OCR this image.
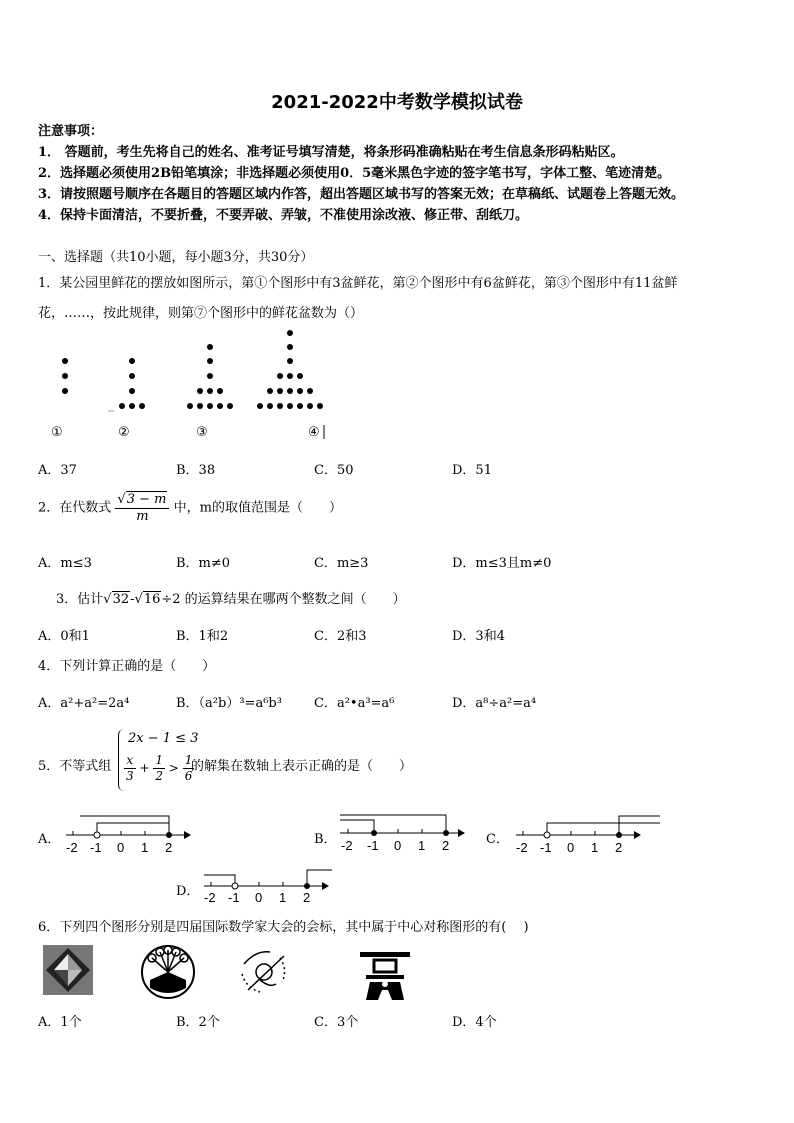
2021-2022中考数学模拟试卷
注意事项：
1． 答题前，考生先将自己的姓名、准考证号填写清楚，将条形码准确粘贴在考生信息条形码粘贴区。
2．选择题必须使用2B铅笔填涂；非选择题必须使用0．5毫米黑色字迹的签字笔书写，字体工整、笔迹清楚。
3．请按照题号顺序在各题目的答题区域内作答，超出答题区域书写的答案无效；在草稿纸、试题卷上答题无效。
4．保持卡面清洁，不要折叠，不要弄破、弄皱，不准使用涂改液、修正带、刮纸刀。
一、选择题（共10小题，每小题3分，共30分）
1．某公园里鲜花的摆放如图所示，第①个图形中有3盆鲜花，第②个图形中有6盆鲜花，第③个图形中有11盆鲜
花，……，按此规律，则第⑦个图形中的鲜花盆数为（）
①	②	③	④
A．37	B．38	C．50	D．51
2．在代数式 $\frac{√3 - m}{m}$ 中，m的取值范围是（　　）
A．m≤3	B．m≠0	C．m≥3	D．m≤3且m≠0
3．估计√32-√16÷2 的运算结果在哪两个整数之间（　　）
A．0和1	B．1和2	C．2和3	D．3和4
4．下列计算正确的是（　　）
A．a²+a²=2a⁴	B．（a²b）³=a⁶b³ C．a²•a³=a⁶	D．a⁸÷a²=a⁴
5．不等式组
2x − 1 ≤ 3
$\frac{x}{3} + \frac{1}{2} > \frac{1}{6}$
的解集在数轴上表示正确的是（　　）
A．
-2 -1 0 1 2
B． -2 -1 0 1 2	C．
-2 -1 0 1 2
D． -2 -1 0 1 2
6．下列四个图形分别是四届国际数学家大会的会标，其中属于中心对称图形的有(　 )
A．1个	B．2个	C．3个	D．4个
